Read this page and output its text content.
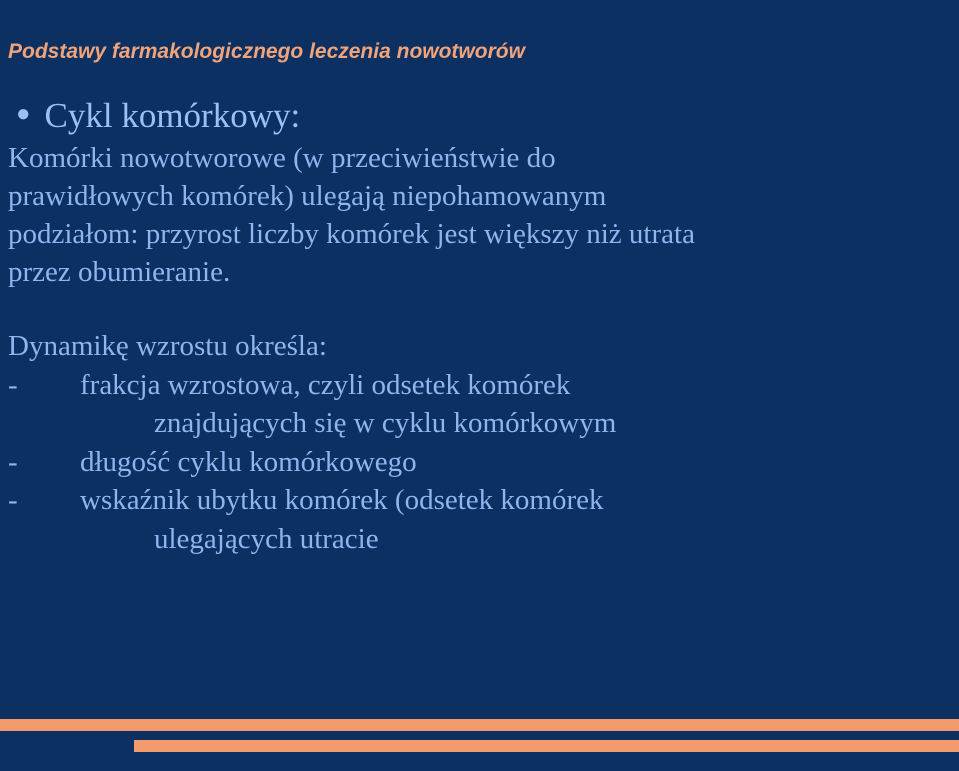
Podstawy farmakologicznego leczenia nowotworów
● Cykl komórkowy:
Komórki nowotworowe (w przeciwieństwie do
prawidłowych komórek) ulegają niepohamowanym
podziałom: przyrost liczby komórek jest większy niż utrata
przez obumieranie.
Dynamikę wzrostu określa:
- frakcja wzrostowa, czyli odsetek komórek
znajdujących się w cyklu komórkowym
- długość cyklu komórkowego
- wskaźnik ubytku komórek (odsetek komórek
ulegających utracie
